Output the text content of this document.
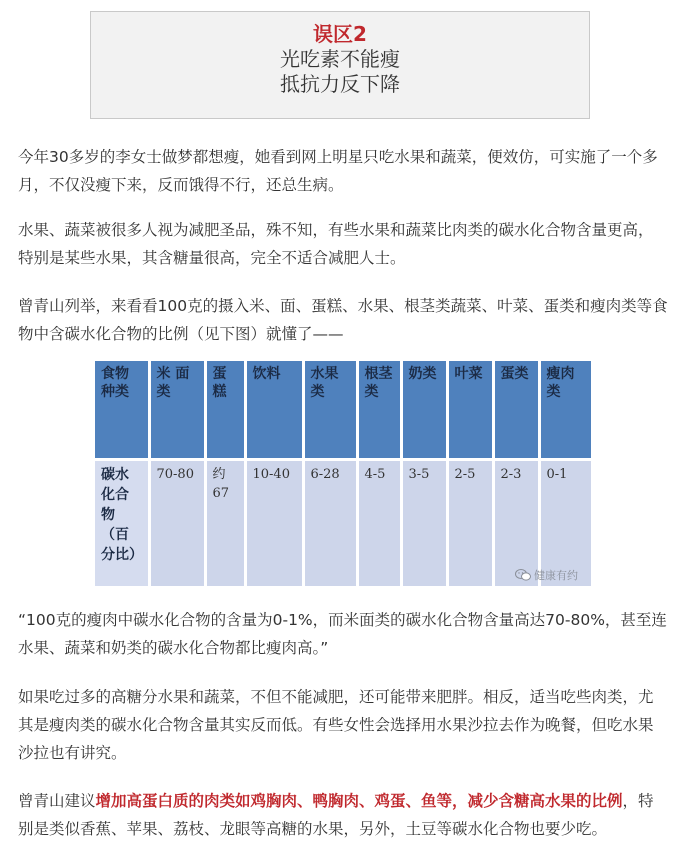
误区2
光吃素不能瘦
抵抗力反下降

今年30多岁的李女士做梦都想瘦，她看到网上明星只吃水果和蔬菜，便效仿，可实施了一个多月，不仅没瘦下来，反而饿得不行，还总生病。

水果、蔬菜被很多人视为减肥圣品，殊不知，有些水果和蔬菜比肉类的碳水化合物含量更高，特别是某些水果，其含糖量很高，完全不适合减肥人士。

曾青山列举，来看看100克的摄入米、面、蛋糕、水果、根茎类蔬菜、叶菜、蛋类和瘦肉类等食物中含碳水化合物的比例（见下图）就懂了——

食物种类	米 面类	蛋糕	饮料	水果类	根茎类	奶类	叶菜	蛋类	瘦肉类
碳水化合物 （百分比）	70-80	约67	10-40	6-28	4-5	3-5	2-5	2-3	0-1
健康有约

“100克的瘦肉中碳水化合物的含量为0-1%，而米面类的碳水化合物含量高达70-80%，甚至连水果、蔬菜和奶类的碳水化合物都比瘦肉高。”

如果吃过多的高糖分水果和蔬菜，不但不能减肥，还可能带来肥胖。相反，适当吃些肉类，尤其是瘦肉类的碳水化合物含量其实反而低。有些女性会选择用水果沙拉去作为晚餐，但吃水果沙拉也有讲究。

曾青山建议增加高蛋白质的肉类如鸡胸肉、鸭胸肉、鸡蛋、鱼等，减少含糖高水果的比例，特别是类似香蕉、苹果、荔枝、龙眼等高糖的水果，另外，土豆等碳水化合物也要少吃。
